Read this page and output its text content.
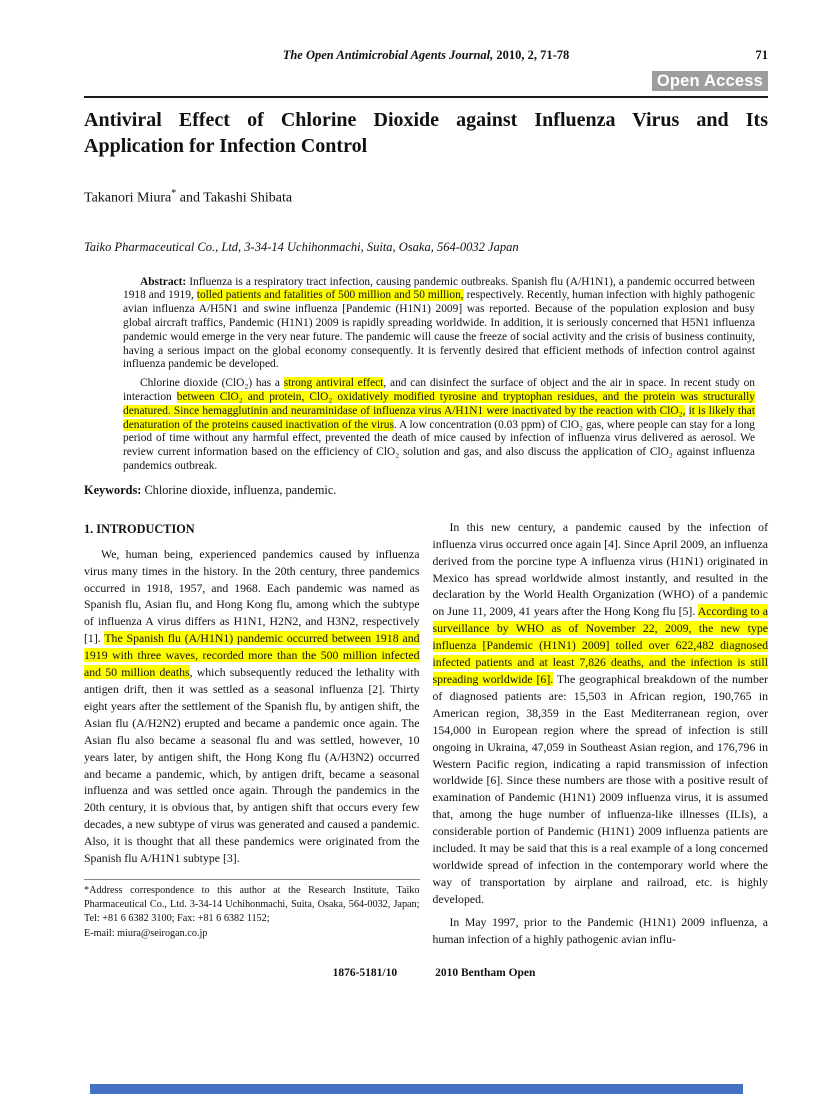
The Open Antimicrobial Agents Journal, 2010, 2, 71-78	71
Open Access
Antiviral Effect of Chlorine Dioxide against Influenza Virus and Its
Application for Infection Control
Takanori Miura* and Takashi Shibata
Taiko Pharmaceutical Co., Ltd, 3-34-14 Uchihonmachi, Suita, Osaka, 564-0032 Japan

Abstract: Influenza is a respiratory tract infection, causing pandemic outbreaks. Spanish flu (A/H1N1), a pandemic occurred between 1918 and 1919, tolled patients and fatalities of 500 million and 50 million, respectively. Recently, human infection with highly pathogenic avian influenza A/H5N1 and swine influenza [Pandemic (H1N1) 2009] was reported. Because of the population explosion and busy global aircraft traffics, Pandemic (H1N1) 2009 is rapidly spreading worldwide. In addition, it is seriously concerned that H5N1 influenza pandemic would emerge in the very near future. The pandemic will cause the freeze of social activity and the crisis of business continuity, having a serious impact on the global economy consequently. It is fervently desired that efficient methods of infection control against influenza pandemic be developed.

Chlorine dioxide (ClO₂) has a strong antiviral effect, and can disinfect the surface of object and the air in space. In recent study on interaction between ClO₂ and protein, ClO₂ oxidatively modified tyrosine and tryptophan residues, and the protein was structurally denatured. Since hemagglutinin and neuraminidase of influenza virus A/H1N1 were inactivated by the reaction with ClO₂, it is likely that denaturation of the proteins caused inactivation of the virus. A low concentration (0.03 ppm) of ClO₂ gas, where people can stay for a long period of time without any harmful effect, prevented the death of mice caused by infection of influenza virus delivered as aerosol. We review current information based on the efficiency of ClO₂ solution and gas, and also discuss the application of ClO₂ against influenza pandemics outbreak.

Keywords: Chlorine dioxide, influenza, pandemic.
1. INTRODUCTION

We, human being, experienced pandemics caused by influenza virus many times in the history. In the 20th century, three pandemics occurred in 1918, 1957, and 1968. Each pandemic was named as Spanish flu, Asian flu, and Hong Kong flu, among which the subtype of influenza A virus differs as H1N1, H2N2, and H3N2, respectively [1]. The Spanish flu (A/H1N1) pandemic occurred between 1918 and 1919 with three waves, recorded more than the 500 million infected and 50 million deaths, which subsequently reduced the lethality with antigen drift, then it was settled as a seasonal influenza [2]. Thirty eight years after the settlement of the Spanish flu, by antigen shift, the Asian flu (A/H2N2) erupted and became a pandemic once again. The Asian flu also became a seasonal flu and was settled, however, 10 years later, by antigen shift, the Hong Kong flu (A/H3N2) occurred and became a pandemic, which, by antigen drift, became a seasonal influenza and was settled once again. Through the pandemics in the 20th century, it is obvious that, by antigen shift that occurs every few decades, a new subtype of virus was generated and caused a pandemic. Also, it is thought that all these pandemics were originated from the Spanish flu A/H1N1 subtype [3].

*Address correspondence to this author at the Research Institute, Taiko Pharmaceutical Co., Ltd. 3-34-14 Uchihonmachi, Suita, Osaka, 564-0032, Japan; Tel: +81 6 6382 3100; Fax: +81 6 6382 1152;
E-mail: miura@seirogan.co.jp

In this new century, a pandemic caused by the infection of influenza virus occurred once again [4]. Since April 2009, an influenza derived from the porcine type A influenza virus (H1N1) originated in Mexico has spread worldwide almost instantly, and resulted in the declaration by the World Health Organization (WHO) of a pandemic on June 11, 2009, 41 years after the Hong Kong flu [5]. According to a surveillance by WHO as of November 22, 2009, the new type influenza [Pandemic (H1N1) 2009] tolled over 622,482 diagnosed infected patients and at least 7,826 deaths, and the infection is still spreading worldwide [6]. The geographical breakdown of the number of diagnosed patients are: 15,503 in African region, 190,765 in American region, 38,359 in the East Mediterranean region, over 154,000 in European region where the spread of infection is still ongoing in Ukraina, 47,059 in Southeast Asian region, and 176,796 in Western Pacific region, indicating a rapid transmission of infection worldwide [6]. Since these numbers are those with a positive result of examination of Pandemic (H1N1) 2009 influenza virus, it is assumed that, among the huge number of influenza-like illnesses (ILIs), a considerable portion of Pandemic (H1N1) 2009 influenza patients are included. It may be said that this is a real example of a long concerned worldwide spread of infection in the contemporary world where the way of transportation by airplane and railroad, etc. is highly developed.

In May 1997, prior to the Pandemic (H1N1) 2009 influenza, a human infection of a highly pathogenic avian influ-

1876-5181/10	2010 Bentham Open
